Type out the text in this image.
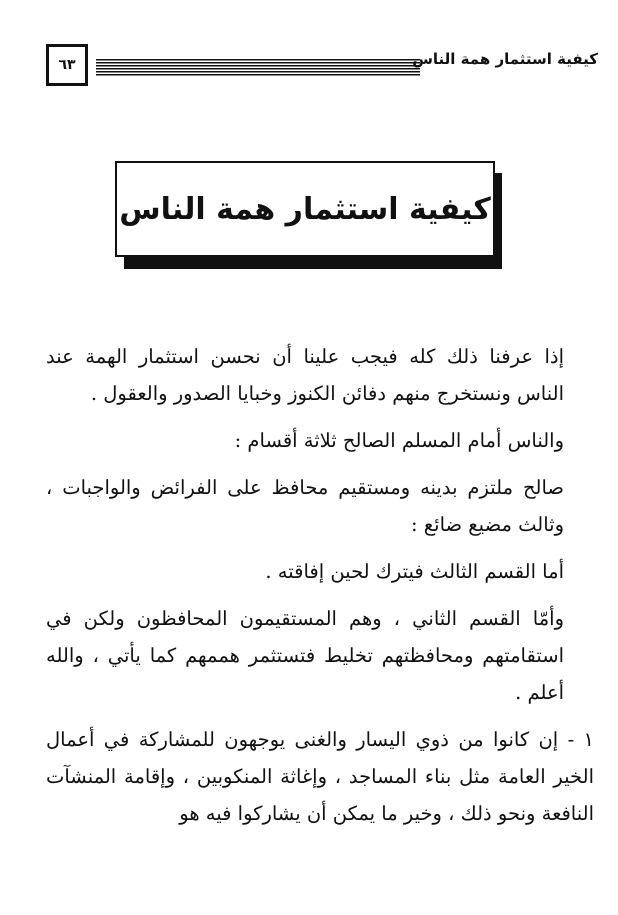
٦٣	كيفية استثمار همة الناس
كيفية استثمار همة الناس

إذا عرفنا ذلك كله فيجب علينا أن نحسن استثمار الهمة عند الناس ونستخرج منهم دفائن الكنوز وخبايا الصدور والعقول .

والناس أمام المسلم الصالح ثلاثة أقسام :

صالح ملتزم بدينه ومستقيم محافظ على الفرائض والواجبات ، وثالث مضيع ضائع :

أما القسم الثالث فيترك لحين إفاقته .

وأمّا القسم الثاني ، وهم المستقيمون المحافظون ولكن في استقامتهم ومحافظتهم تخليط فتستثمر هممهم كما يأتي ، والله أعلم .

١ - إن كانوا من ذوي اليسار والغنى يوجهون للمشاركة في أعمال الخير العامة مثل بناء المساجد ، وإغاثة المنكوبين ، وإقامة المنشآت النافعة ونحو ذلك ، وخير ما يمكن أن يشاركوا فيه هو
